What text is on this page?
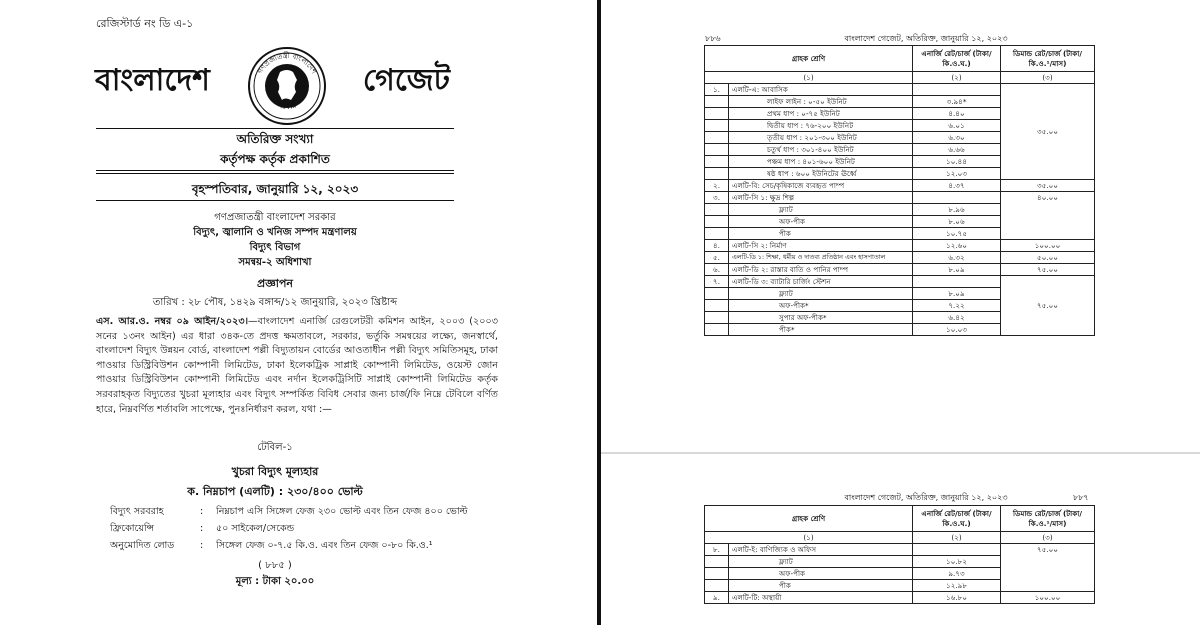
রেজিস্টার্ড নং ডি এ-১
বাংলাদেশ	গণপ্রজাতন্ত্রী বাংলাদেশ
সরকার
গেজেট
অতিরিক্ত সংখ্যা
কর্তৃপক্ষ কর্তৃক প্রকাশিত
বৃহস্পতিবার, জানুয়ারি ১২, ২০২৩
গণপ্রজাতন্ত্রী বাংলাদেশ সরকার
বিদ্যুৎ, জ্বালানি ও খনিজ সম্পদ মন্ত্রণালয়
বিদ্যুৎ বিভাগ
সমন্বয়-২ অধিশাখা
প্রজ্ঞাপন
তারিখ : ২৮ পৌষ, ১৪২৯ বঙ্গাব্দ/১২ জানুয়ারি, ২০২৩ খ্রিষ্টাব্দ
এস. আর.ও. নম্বর ০৯ আইন/২০২৩।—বাংলাদেশ এনার্জি রেগুলেটরী কমিশন আইন, ২০০৩ (২০০৩ সনের ১৩নং আইন) এর ধারা ৩৪ক-তে প্রদত্ত ক্ষমতাবলে, সরকার, ভর্তুকি সমন্বয়ের লক্ষ্যে, জনস্বার্থে, বাংলাদেশ বিদ্যুৎ উন্নয়ন বোর্ড, বাংলাদেশ পল্লী বিদ্যুতায়ন বোর্ডের আওতাধীন পল্লী বিদ্যুৎ সমিতিসমূহ, ঢাকা পাওয়ার ডিস্ট্রিবিউশন কোম্পানী লিমিটেড, ঢাকা ইলেকট্রিক সাপ্লাই কোম্পানী লিমিটেড, ওয়েস্ট জোন পাওয়ার ডিস্ট্রিবিউশন কোম্পানী লিমিটেড এবং নর্দান ইলেকট্রিসিটি সাপ্লাই কোম্পানী লিমিটেড কর্তৃক সরবরাহকৃত বিদ্যুতের খুচরা মূল্যহার এবং বিদ্যুৎ সম্পর্কিত বিবিধ সেবার জন্য চার্জ/ফি নিম্নে টেবিলে বর্ণিত হারে, নিম্নবর্ণিত শর্তাবলি সাপেক্ষে, পুনঃনির্ধারণ করল, যথা :—
টেবিল-১
খুচরা বিদ্যুৎ মূল্যহার
ক. নিম্নচাপ (এলটি) : ২৩০/৪০০ ভোল্ট
বিদ্যুৎ সরবরাহ	: নিম্নচাপ এসি সিঙ্গেল ফেজ ২৩০ ভোল্ট এবং তিন ফেজ ৪০০ ভোল্ট
ফ্রিকোয়েন্সি	: ৫০ সাইকেল/সেকেন্ড
অনুমোদিত লোড	: সিঙ্গেল ফেজ ০-৭.৫ কি.ও. এবং তিন ফেজ ০-৮০ কি.ও.¹
( ৮৮৫ )
মূল্য : টাকা ২০.০০
৮৮৬	বাংলাদেশ গেজেট, অতিরিক্ত, জানুয়ারি ১২, ২০২৩
গ্রাহক শ্রেণি		এনার্জি রেট/চার্জ (টাকা/কি.ও.ঘ.)	ডিমান্ড রেট/চার্জ (টাকা/ কি.ও.¹/মাস)
(১)		(২)	(৩)
১.	এলটি-এ: আবাসিক		৩৫.০০
	লাইফ লাইন : ০-৫০ ইউনিট	৩.৯৪*	
	প্রথম ধাপ : ০-৭৫ ইউনিট	৪.৪০	
	দ্বিতীয় ধাপ : ৭৬-২০০ ইউনিট	৬.০১	
	তৃতীয় ধাপ : ২০১-৩০০ ইউনিট	৬.৩০	
	চতুর্থ ধাপ : ৩০১-৪০০ ইউনিট	৬.৬৬	
	পঞ্চম ধাপ : ৪০১-৬০০ ইউনিট	১০.৪৪	
	ষষ্ঠ ধাপ : ৬০০ ইউনিটের ঊর্ধ্বে	১২.০৩	
২.	এলটি-বি: সেচ/কৃষিকাজে ব্যবহৃত পাম্প	৪.৩৭	৩৫.০০
৩.	এলটি-সি ১: ক্ষুদ্র শিল্প		৪০.০০
	ফ্ল্যাট	৮.৯৬	
	অফ-পীক	৮.০৬	
	পীক	১০.৭৫	
৪.	এলটি-সি ২: নির্মাণ	১২.৬০	১০০.০০
৫.	এলটি-ডি ১: শিক্ষা, ধর্মীয় ও দাতব্য প্রতিষ্ঠান এবং হাসপাতাল	৬.৩২	৫০.০০
৬.	এলটি-ডি ২: রাস্তার বাতি ও পানির পাম্প	৮.০৯	৭৫.০০
৭.	এলটি-ডি ৩: ব্যাটারি চার্জিং স্টেশন		৭৫.০০
	ফ্ল্যাট	৮.০৯	
	অফ-পীক*	৭.২২	
	সুপার অফ-পীক*	৬.৪২	
	পীক*	১০.০৩	
বাংলাদেশ গেজেট, অতিরিক্ত, জানুয়ারি ১২, ২০২৩	৮৮৭
গ্রাহক শ্রেণি		এনার্জি রেট/চার্জ (টাকা/কি.ও.ঘ.)	ডিমান্ড রেট/চার্জ (টাকা/ কি.ও.¹/মাস)
(১)		(২)	(৩)
৮.	এলটি-ই: বাণিজ্যিক ও অফিস		৭৫.০০
	ফ্ল্যাট	১০.৮২	
	অফ-পীক	৯.৭৩	
	পীক	১২.৯৮	
৯.	এলটি-টি: অস্থায়ী	১৬.৮০	১০০.০০
